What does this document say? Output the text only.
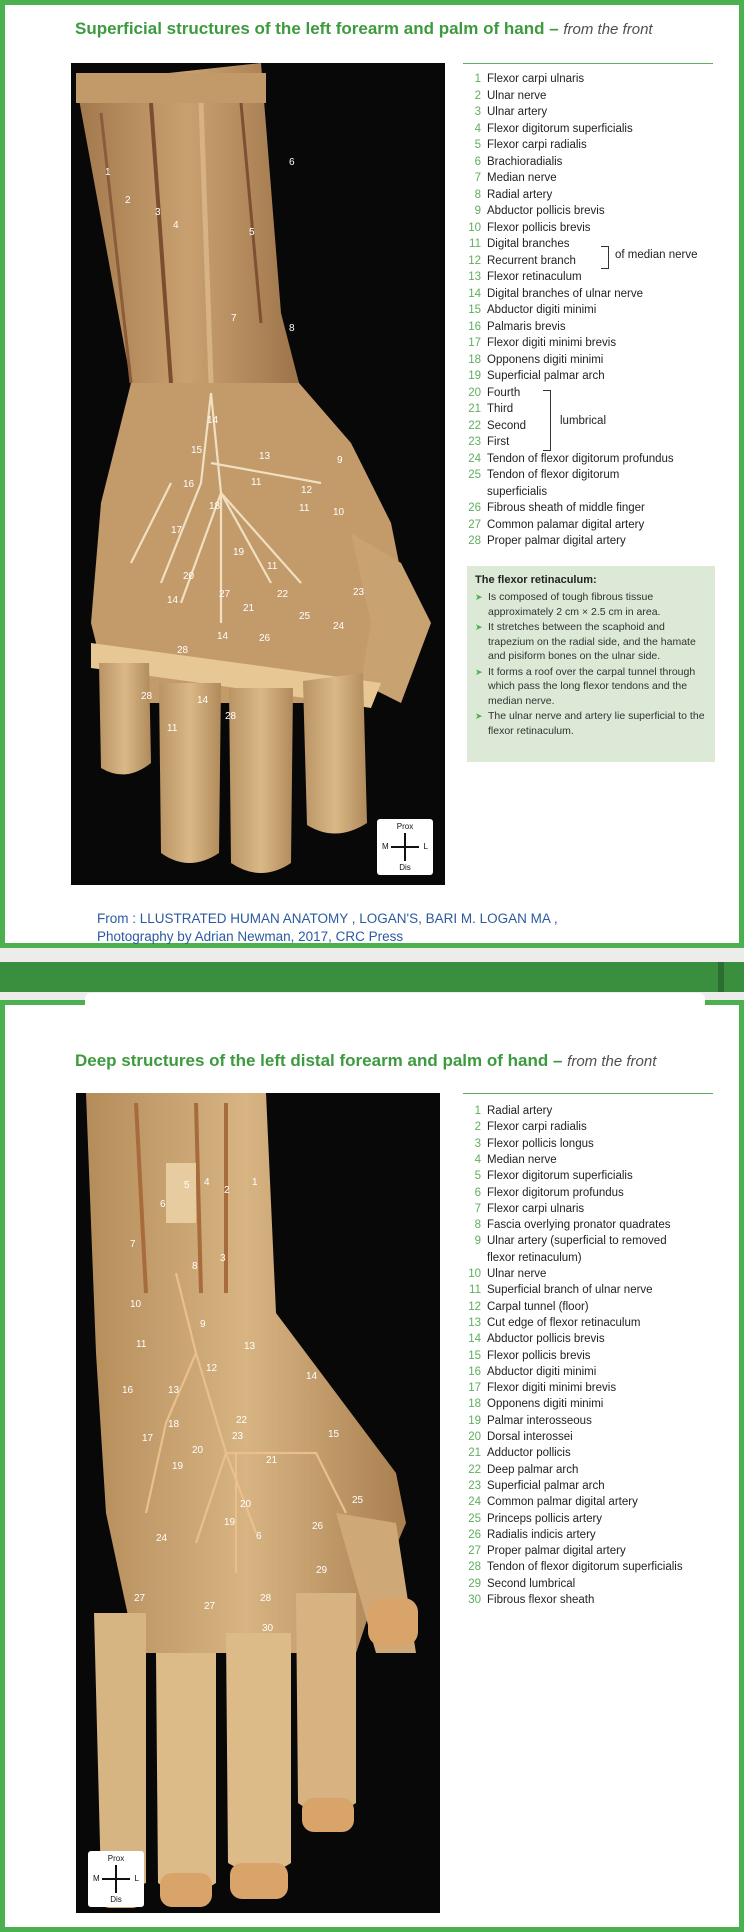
Superficial structures of the left forearm and palm of hand – from the front
1
2
3
4
5
6
7
8
14
15
13	9
16	11
12
18	11 10
17
19
11
20
27	22	23
14
21
25
24
14	26
28
28	14
11
28
Prox
Dis
M	L
1 Flexor carpi ulnaris
2 Ulnar nerve
3 Ulnar artery
4 Flexor digitorum superficialis
5 Flexor carpi radialis
6 Brachioradialis
7 Median nerve
8 Radial artery
9 Abductor pollicis brevis
10 Flexor pollicis brevis
11 Digital branches
12 Recurrent branch
13 Flexor retinaculum
14 Digital branches of ulnar nerve
15 Abductor digiti minimi
16 Palmaris brevis
17 Flexor digiti minimi brevis
18 Opponens digiti minimi
19 Superficial palmar arch
20 Fourth
21 Third
22 Second
23 First
24 Tendon of flexor digitorum profundus
25 Tendon of flexor digitorum
superficialis
26 Fibrous sheath of middle finger
27 Common palamar digital artery
28 Proper palmar digital artery
of median nerve
lumbrical
The flexor retinaculum:
➤ Is composed of tough fibrous tissue approximately 2 cm × 2.5 cm in area.
➤ It stretches between the scaphoid and trapezium on the radial side, and the hamate and pisiform bones on the ulnar side.
➤ It forms a roof over the carpal tunnel through which pass the long flexor tendons and the median nerve.
➤ The ulnar nerve and artery lie superficial to the flexor retinaculum.
From : LLUSTRATED HUMAN ANATOMY , LOGAN'S, BARI M. LOGAN MA ,
Photography by Adrian Newman, 2017, CRC Press
Deep structures of the left distal forearm and palm of hand – from the front
5 4
2
1
6
7
8
3
10
9
11	13
12
14
16	13
18	22
17	23	15
20
21
19
25
20
24
19
6
26
29
27
27
28
30
Prox
Dis
M	L
1 Radial artery
2 Flexor carpi radialis
3 Flexor pollicis longus
4 Median nerve
5 Flexor digitorum superficialis
6 Flexor digitorum profundus
7 Flexor carpi ulnaris
8 Fascia overlying pronator quadrates
9 Ulnar artery (superficial to removed
flexor retinaculum)
10 Ulnar nerve
11 Superficial branch of ulnar nerve
12 Carpal tunnel (floor)
13 Cut edge of flexor retinaculum
14 Abductor pollicis brevis
15 Flexor pollicis brevis
16 Abductor digiti minimi
17 Flexor digiti minimi brevis
18 Opponens digiti minimi
19 Palmar interosseous
20 Dorsal interossei
21 Adductor pollicis
22 Deep palmar arch
23 Superficial palmar arch
24 Common palmar digital artery
25 Princeps pollicis artery
26 Radialis indicis artery
27 Proper palmar digital artery
28 Tendon of flexor digitorum superficialis
29 Second lumbrical
30 Fibrous flexor sheath
